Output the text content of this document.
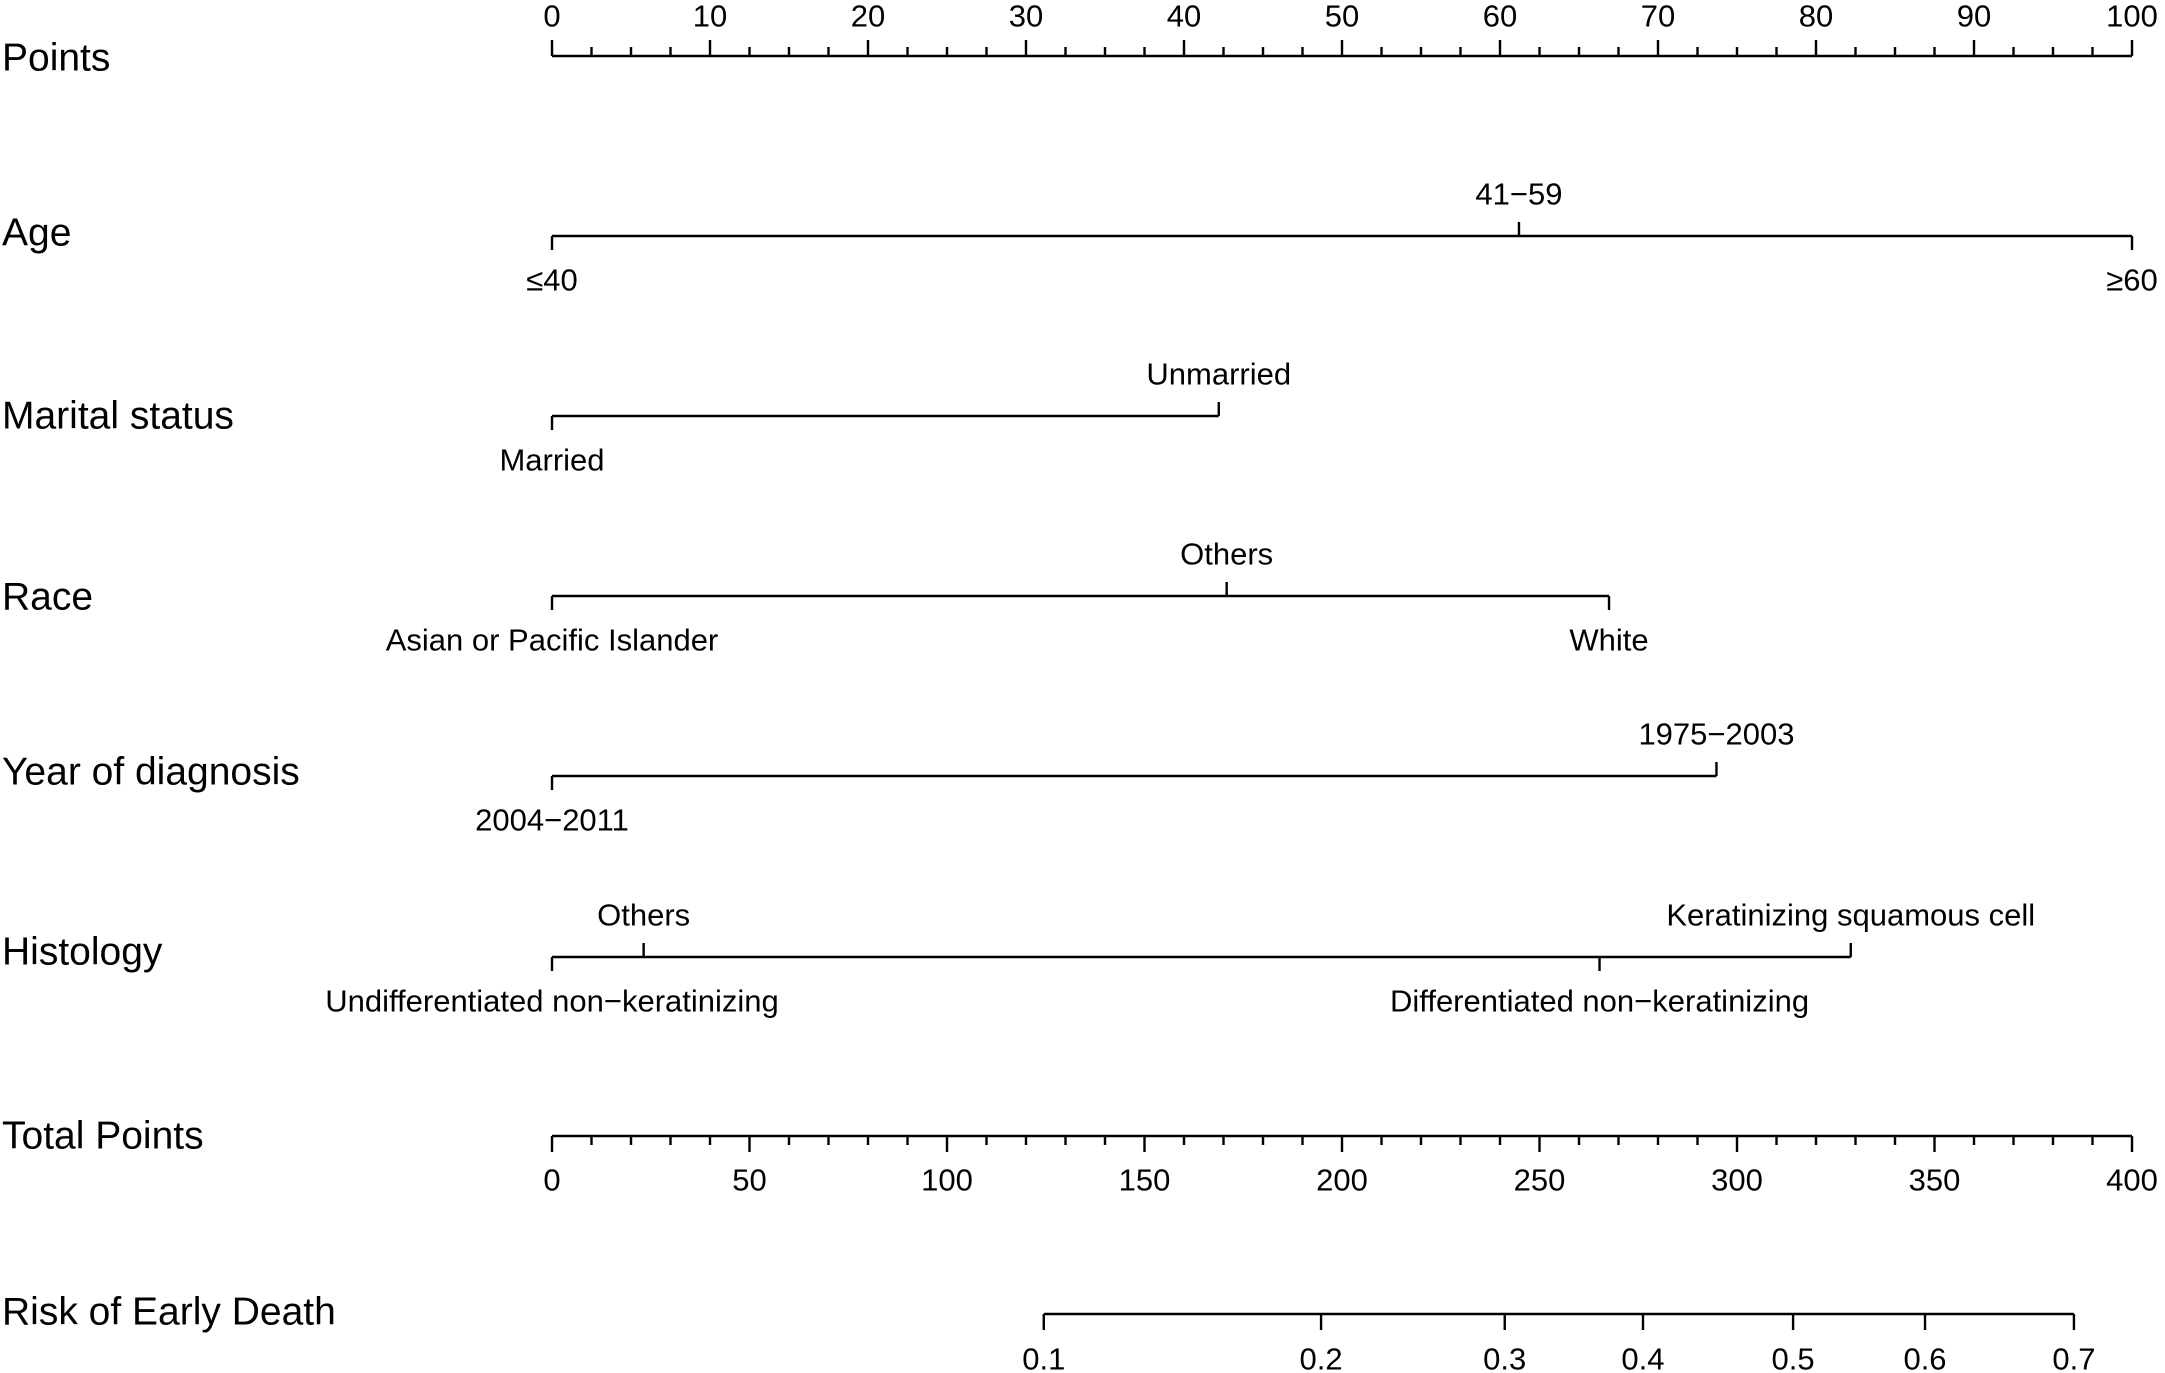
Points
0	10	20	30	40	50	60	70	80	90	100
Age
≤40
41−59
≥60
Marital status
Married
Unmarried
Race
Asian or Pacific Islander
Others
White
Year of diagnosis
2004−2011
1975−2003
Histology
Undifferentiated non−keratinizing
Others
Differentiated non−keratinizing
Keratinizing squamous cell
Total Points
0	50	100	150	200	250	300	350	400
Risk of Early Death
0.1	0.2	0.3	0.4	0.5	0.6	0.7
